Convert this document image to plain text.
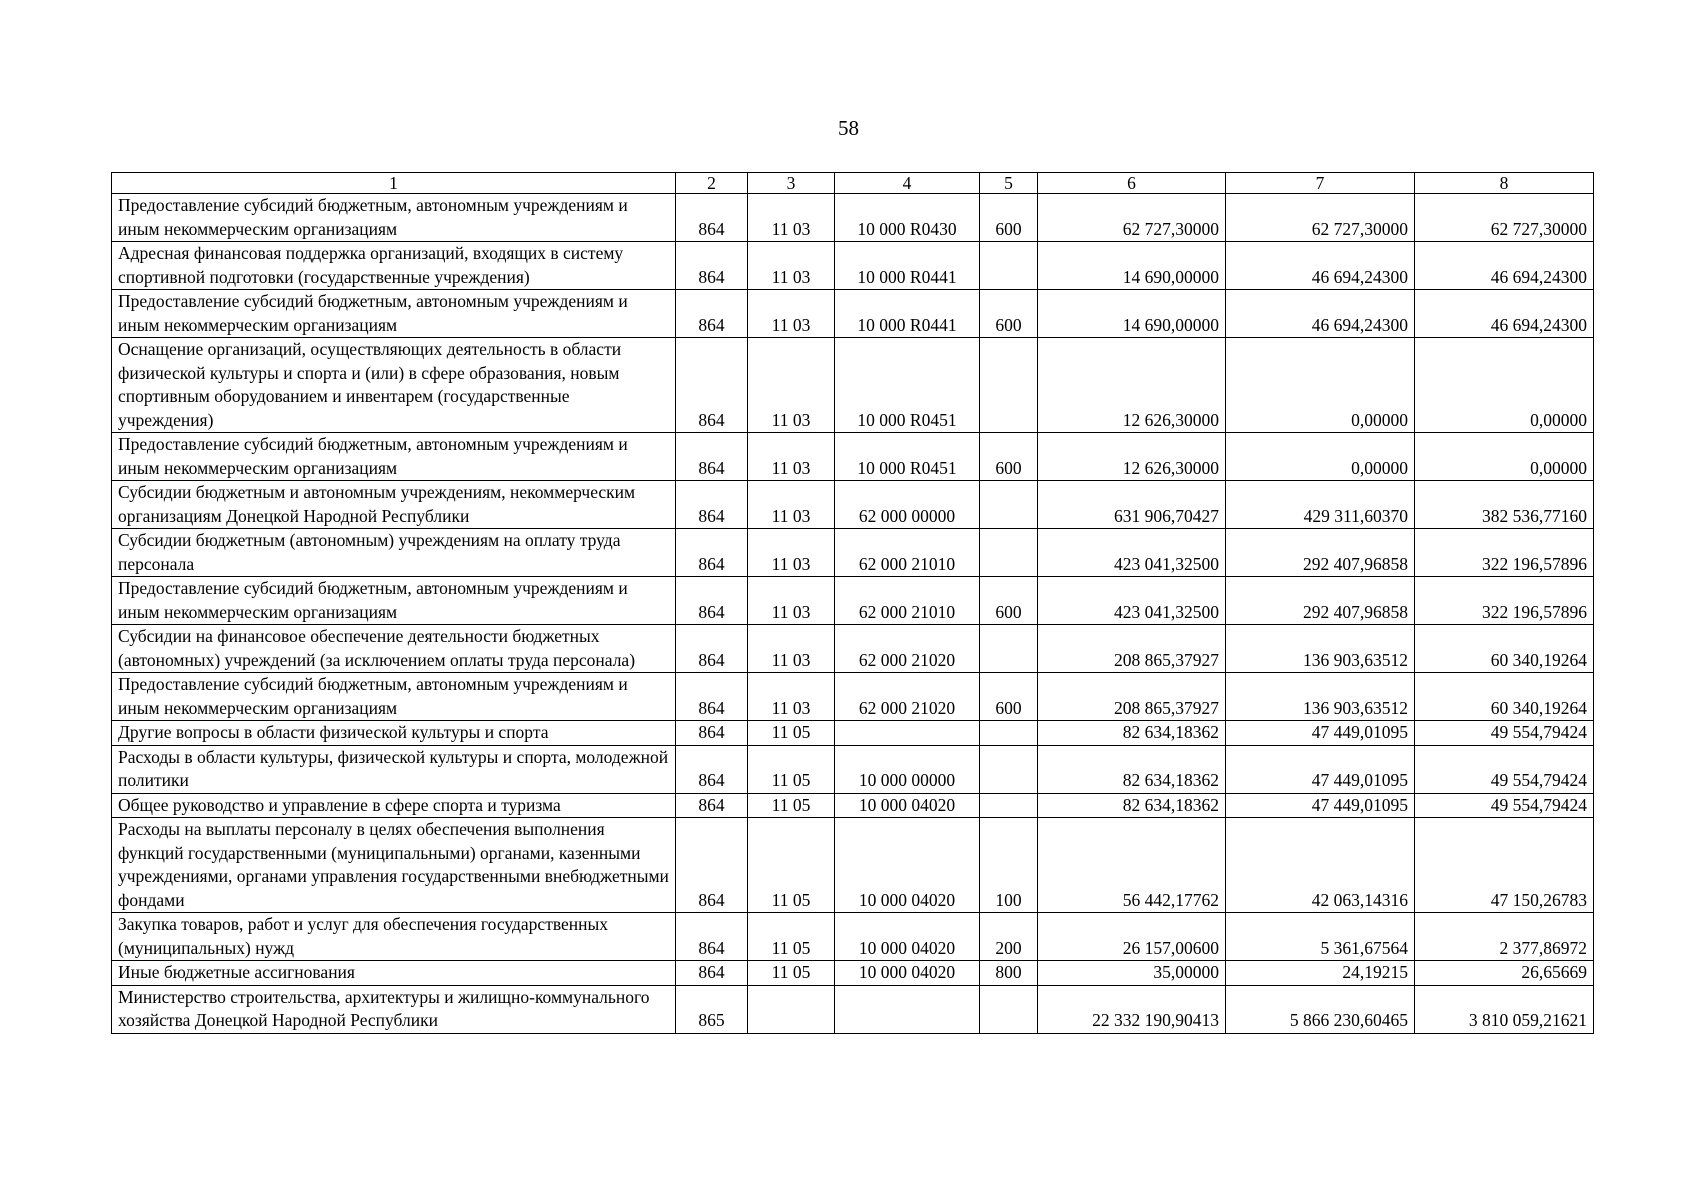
58
1	2	3	4	5	6	7	8
Предоставление субсидий бюджетным, автономным учреждениям и иным некоммерческим организациям	864	11 03	10 000 R0430	600	62 727,30000	62 727,30000	62 727,30000
Адресная финансовая поддержка организаций, входящих в систему спортивной подготовки (государственные учреждения)	864	11 03	10 000 R0441		14 690,00000	46 694,24300	46 694,24300
Предоставление субсидий бюджетным, автономным учреждениям и иным некоммерческим организациям	864	11 03	10 000 R0441	600	14 690,00000	46 694,24300	46 694,24300
Оснащение организаций, осуществляющих деятельность в области физической культуры и спорта и (или) в сфере образования, новым спортивным оборудованием и инвентарем (государственные учреждения)	864	11 03	10 000 R0451		12 626,30000	0,00000	0,00000
Предоставление субсидий бюджетным, автономным учреждениям и иным некоммерческим организациям	864	11 03	10 000 R0451	600	12 626,30000	0,00000	0,00000
Субсидии бюджетным и автономным учреждениям, некоммерческим организациям Донецкой Народной Республики	864	11 03	62 000 00000		631 906,70427	429 311,60370	382 536,77160
Субсидии бюджетным (автономным) учреждениям на оплату труда персонала	864	11 03	62 000 21010		423 041,32500	292 407,96858	322 196,57896
Предоставление субсидий бюджетным, автономным учреждениям и иным некоммерческим организациям	864	11 03	62 000 21010	600	423 041,32500	292 407,96858	322 196,57896
Субсидии на финансовое обеспечение деятельности бюджетных (автономных) учреждений (за исключением оплаты труда персонала)	864	11 03	62 000 21020		208 865,37927	136 903,63512	60 340,19264
Предоставление субсидий бюджетным, автономным учреждениям и иным некоммерческим организациям	864	11 03	62 000 21020	600	208 865,37927	136 903,63512	60 340,19264
Другие вопросы в области физической культуры и спорта	864	11 05			82 634,18362	47 449,01095	49 554,79424
Расходы в области культуры, физической культуры и спорта, молодежной политики	864	11 05	10 000 00000		82 634,18362	47 449,01095	49 554,79424
Общее руководство и управление в сфере спорта и туризма	864	11 05	10 000 04020		82 634,18362	47 449,01095	49 554,79424
Расходы на выплаты персоналу в целях обеспечения выполнения функций государственными (муниципальными) органами, казенными учреждениями, органами управления государственными внебюджетными фондами	864	11 05	10 000 04020	100	56 442,17762	42 063,14316	47 150,26783
Закупка товаров, работ и услуг для обеспечения государственных (муниципальных) нужд	864	11 05	10 000 04020	200	26 157,00600	5 361,67564	2 377,86972
Иные бюджетные ассигнования	864	11 05	10 000 04020	800	35,00000	24,19215	26,65669
Министерство строительства, архитектуры и жилищно-коммунального хозяйства Донецкой Народной Республики	865				22 332 190,90413	5 866 230,60465	3 810 059,21621
